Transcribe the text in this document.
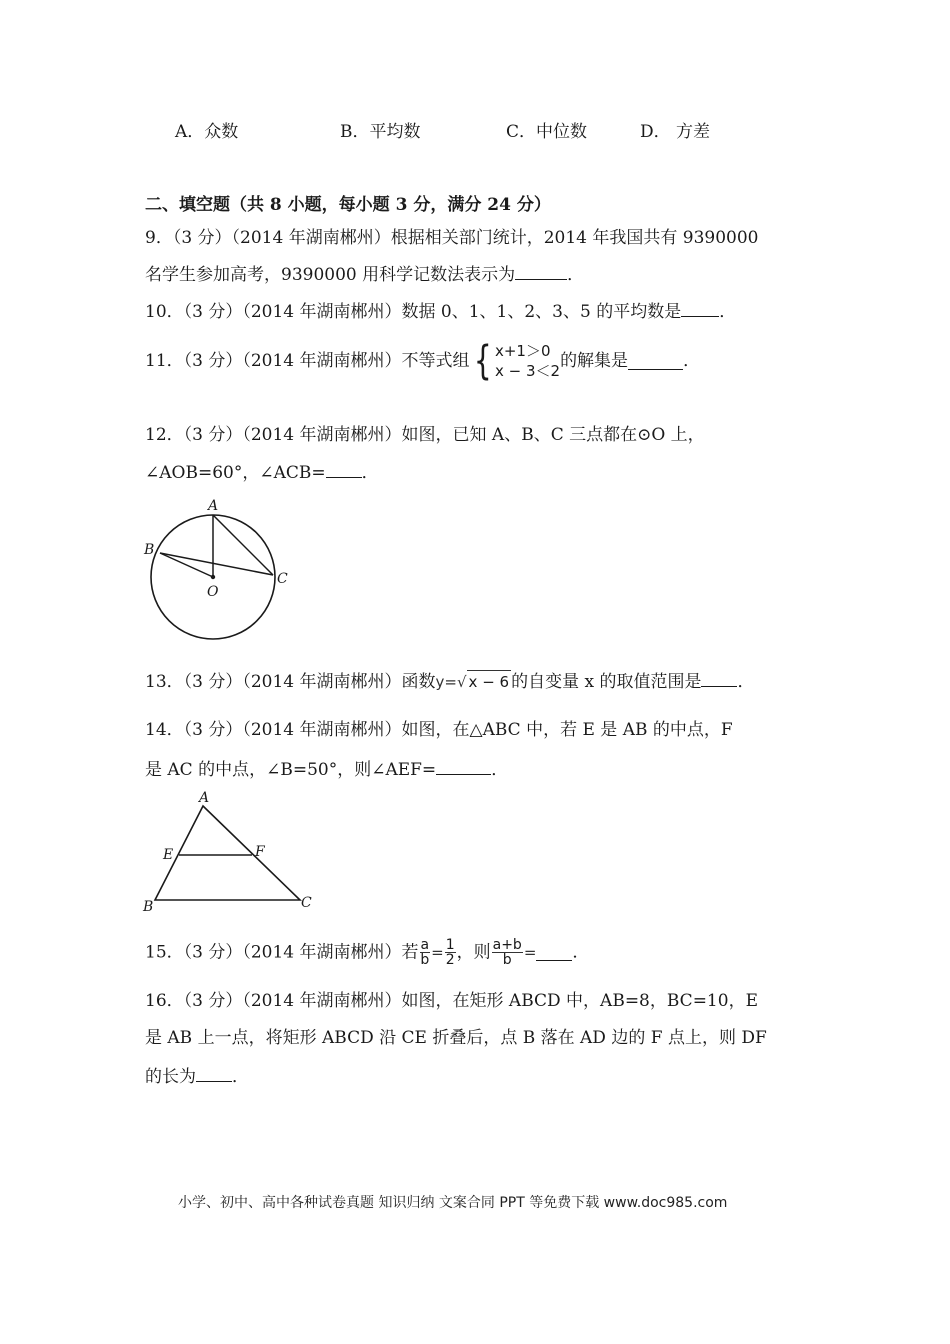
A．众数	B．平均数	C．中位数	D． 方差
二、填空题（共 8 小题，每小题 3 分，满分 24 分）
9．（3 分）（2014 年湖南郴州）根据相关部门统计，2014 年我国共有 9390000
名学生参加高考，9390000 用科学记数法表示为	．
10．（3 分）（2014 年湖南郴州）数据 0、1、1、2、3、5 的平均数是 ．
11．（3 分）（2014 年湖南郴州）不等式组{ x+1＞0
x − 3＜2 的解集是	．
12．（3 分）（2014 年湖南郴州）如图，已知 A、B、C 三点都在⊙O 上，
∠AOB=60°，∠ACB= ．
A
B
C
O
13．（3 分）（2014 年湖南郴州）函数y=√ x − 6 的自变量 x 的取值范围是 ．
14．（3 分）（2014 年湖南郴州）如图，在△ABC 中，若 E 是 AB 的中点，F
是 AC 的中点，∠B=50°，则∠AEF=	．
A
E	F
B	C
15．（3 分）（2014 年湖南郴州）若 $\frac{a}{b} = \frac{1}{2}$ ，则 $\frac{a+b}{b}$ = ．
16．（3 分）（2014 年湖南郴州）如图，在矩形 ABCD 中，AB=8，BC=10，E
是 AB 上一点，将矩形 ABCD 沿 CE 折叠后，点 B 落在 AD 边的 F 点上，则 DF
的长为 ．
小学、初中、高中各种试卷真题 知识归纳 文案合同 PPT 等免费下载 www.doc985.com
